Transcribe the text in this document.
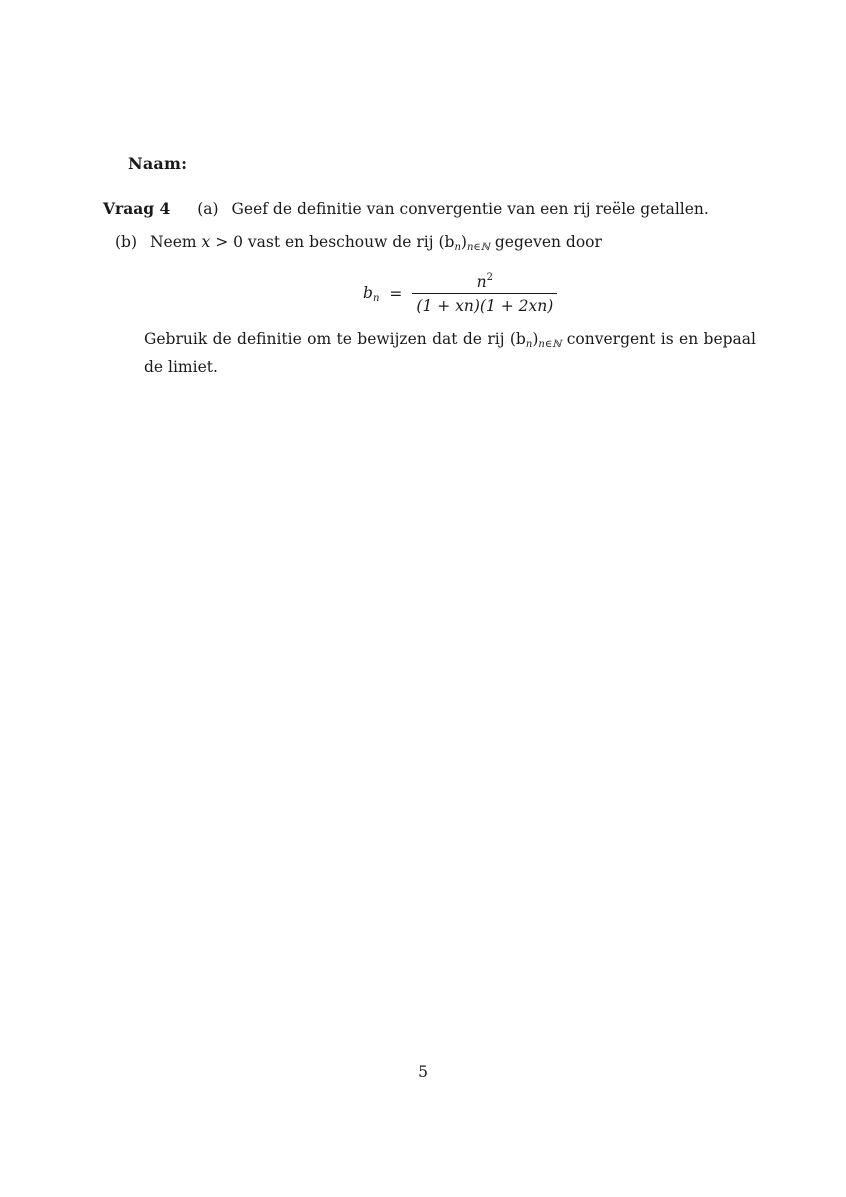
Naam:
Vraag 4 (a) Geef de definitie van convergentie van een rij reële getallen.
(b) Neem x > 0 vast en beschouw de rij $(b_n)_{n\in ℕ}$ gegeven door
$b_n = \frac{n^2}{(1 + xn)(1 + 2xn)}$
Gebruik de definitie om te bewijzen dat de rij $(b_n)_{n\in ℕ}$ convergent is en bepaal de limiet.
5
